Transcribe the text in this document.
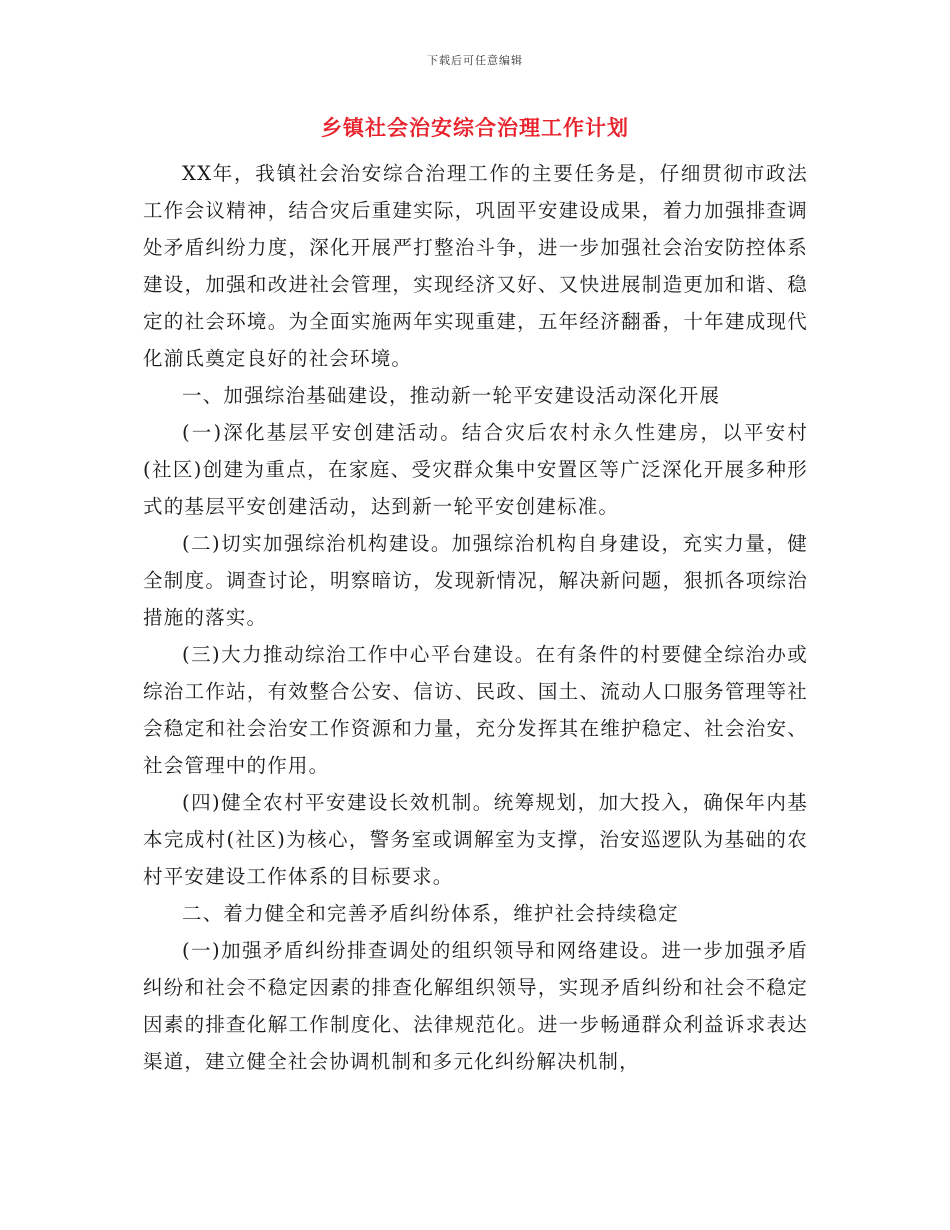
下载后可任意编辑
乡镇社会治安综合治理工作计划

XX年，我镇社会治安综合治理工作的主要任务是，仔细贯彻市政法工作会议精神，结合灾后重建实际，巩固平安建设成果，着力加强排查调处矛盾纠纷力度，深化开展严打整治斗争，进一步加强社会治安防控体系建设，加强和改进社会管理，实现经济又好、又快进展制造更加和谐、稳定的社会环境。为全面实施两年实现重建，五年经济翻番，十年建成现代化湔氐奠定良好的社会环境。

一、加强综治基础建设，推动新一轮平安建设活动深化开展

(一)深化基层平安创建活动。结合灾后农村永久性建房，以平安村(社区)创建为重点，在家庭、受灾群众集中安置区等广泛深化开展多种形式的基层平安创建活动，达到新一轮平安创建标准。

(二)切实加强综治机构建设。加强综治机构自身建设，充实力量，健全制度。调查讨论，明察暗访，发现新情况，解决新问题，狠抓各项综治措施的落实。

(三)大力推动综治工作中心平台建设。在有条件的村要健全综治办或综治工作站，有效整合公安、信访、民政、国土、流动人口服务管理等社会稳定和社会治安工作资源和力量，充分发挥其在维护稳定、社会治安、社会管理中的作用。

(四)健全农村平安建设长效机制。统筹规划，加大投入，确保年内基本完成村(社区)为核心，警务室或调解室为支撑，治安巡逻队为基础的农村平安建设工作体系的目标要求。

二、着力健全和完善矛盾纠纷体系，维护社会持续稳定

(一)加强矛盾纠纷排查调处的组织领导和网络建设。进一步加强矛盾纠纷和社会不稳定因素的排查化解组织领导，实现矛盾纠纷和社会不稳定因素的排查化解工作制度化、法律规范化。进一步畅通群众利益诉求表达渠道，建立健全社会协调机制和多元化纠纷解决机制，
